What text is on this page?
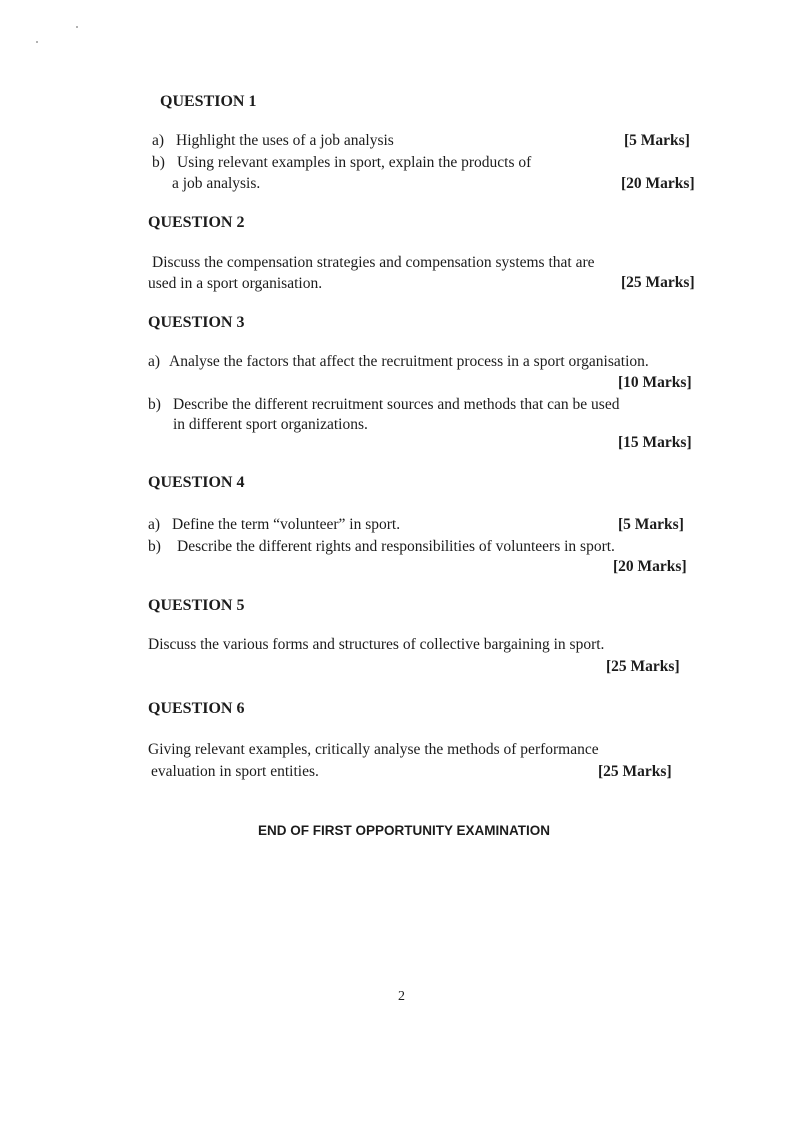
QUESTION 1
a) Highlight the uses of a job analysis	[5 Marks]
b) Using relevant examples in sport, explain the products of
a job analysis.	[20 Marks]
QUESTION 2
Discuss the compensation strategies and compensation systems that are
used in a sport organisation.	[25 Marks]
QUESTION 3
a) Analyse the factors that affect the recruitment process in a sport organisation.
[10 Marks]
b) Describe the different recruitment sources and methods that can be used
in different sport organizations.
[15 Marks]
QUESTION 4
a) Define the term “volunteer” in sport.	[5 Marks]
b) Describe the different rights and responsibilities of volunteers in sport.
[20 Marks]
QUESTION 5
Discuss the various forms and structures of collective bargaining in sport.
[25 Marks]
QUESTION 6
Giving relevant examples, critically analyse the methods of performance
evaluation in sport entities.	[25 Marks]
END OF FIRST OPPORTUNITY EXAMINATION
2
